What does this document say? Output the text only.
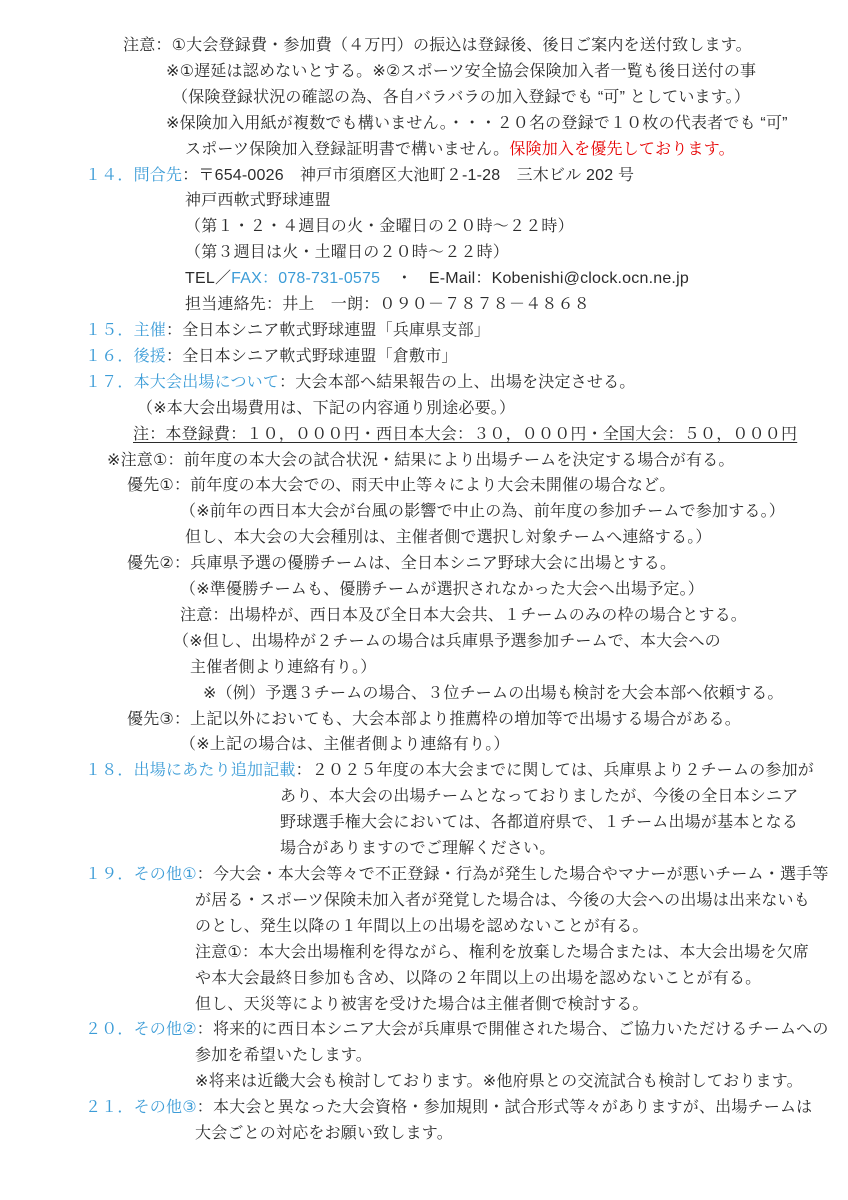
注意：①大会登録費・参加費（４万円）の振込は登録後、後日ご案内を送付致します。
※①遅延は認めないとする。※②スポーツ安全協会保険加入者一覧も後日送付の事
（保険登録状況の確認の為、各自バラバラの加入登録でも “可” としています。）
※保険加入用紙が複数でも構いません。・・・２０名の登録で１０枚の代表者でも “可”
スポーツ保険加入登録証明書で構いません。保険加入を優先しております。
１４．問合先：〒654-0026　神戸市須磨区大池町２-1-28　三木ビル 202 号
神戸西軟式野球連盟
（第１・２・４週目の火・金曜日の２０時～２２時）
（第３週目は火・土曜日の２０時～２２時）
TEL／FAX：078-731-0575　・　E-Mail：Kobenishi@clock.ocn.ne.jp
担当連絡先：井上　一朗：０９０－７８７８－４８６８
１５．主催：全日本シニア軟式野球連盟「兵庫県支部」
１６．後援：全日本シニア軟式野球連盟「倉敷市」
１７．本大会出場について：大会本部へ結果報告の上、出場を決定させる。
（※本大会出場費用は、下記の内容通り別途必要。）
注：本登録費：１０，０００円・西日本大会：３０，０００円・全国大会：５０，０００円
※注意①：前年度の本大会の試合状況・結果により出場チームを決定する場合が有る。
優先①：前年度の本大会での、雨天中止等々により大会未開催の場合など。
（※前年の西日本大会が台風の影響で中止の為、前年度の参加チームで参加する。）
但し、本大会の大会種別は、主催者側で選択し対象チームへ連絡する。）
優先②：兵庫県予選の優勝チームは、全日本シニア野球大会に出場とする。
（※準優勝チームも、優勝チームが選択されなかった大会へ出場予定。）
注意：出場枠が、西日本及び全日本大会共、１チームのみの枠の場合とする。
（※但し、出場枠が２チームの場合は兵庫県予選参加チームで、本大会への
主催者側より連絡有り。）
※（例）予選３チームの場合、３位チームの出場も検討を大会本部へ依頼する。
優先③：上記以外においても、大会本部より推薦枠の増加等で出場する場合がある。
（※上記の場合は、主催者側より連絡有り。）
１８．出場にあたり追加記載：２０２５年度の本大会までに関しては、兵庫県より２チームの参加が
あり、本大会の出場チームとなっておりましたが、今後の全日本シニア
野球選手権大会においては、各都道府県で、１チーム出場が基本となる
場合がありますのでご理解ください。
１９．その他①：今大会・本大会等々で不正登録・行為が発生した場合やマナーが悪いチーム・選手等
が居る・スポーツ保険未加入者が発覚した場合は、今後の大会への出場は出来ないも
のとし、発生以降の１年間以上の出場を認めないことが有る。
注意①：本大会出場権利を得ながら、権利を放棄した場合または、本大会出場を欠席
や本大会最終日参加も含め、以降の２年間以上の出場を認めないことが有る。
但し、天災等により被害を受けた場合は主催者側で検討する。
２０．その他②：将来的に西日本シニア大会が兵庫県で開催された場合、ご協力いただけるチームへの
参加を希望いたします。
※将来は近畿大会も検討しております。※他府県との交流試合も検討しております。
２１．その他③：本大会と異なった大会資格・参加規則・試合形式等々がありますが、出場チームは
大会ごとの対応をお願い致します。
